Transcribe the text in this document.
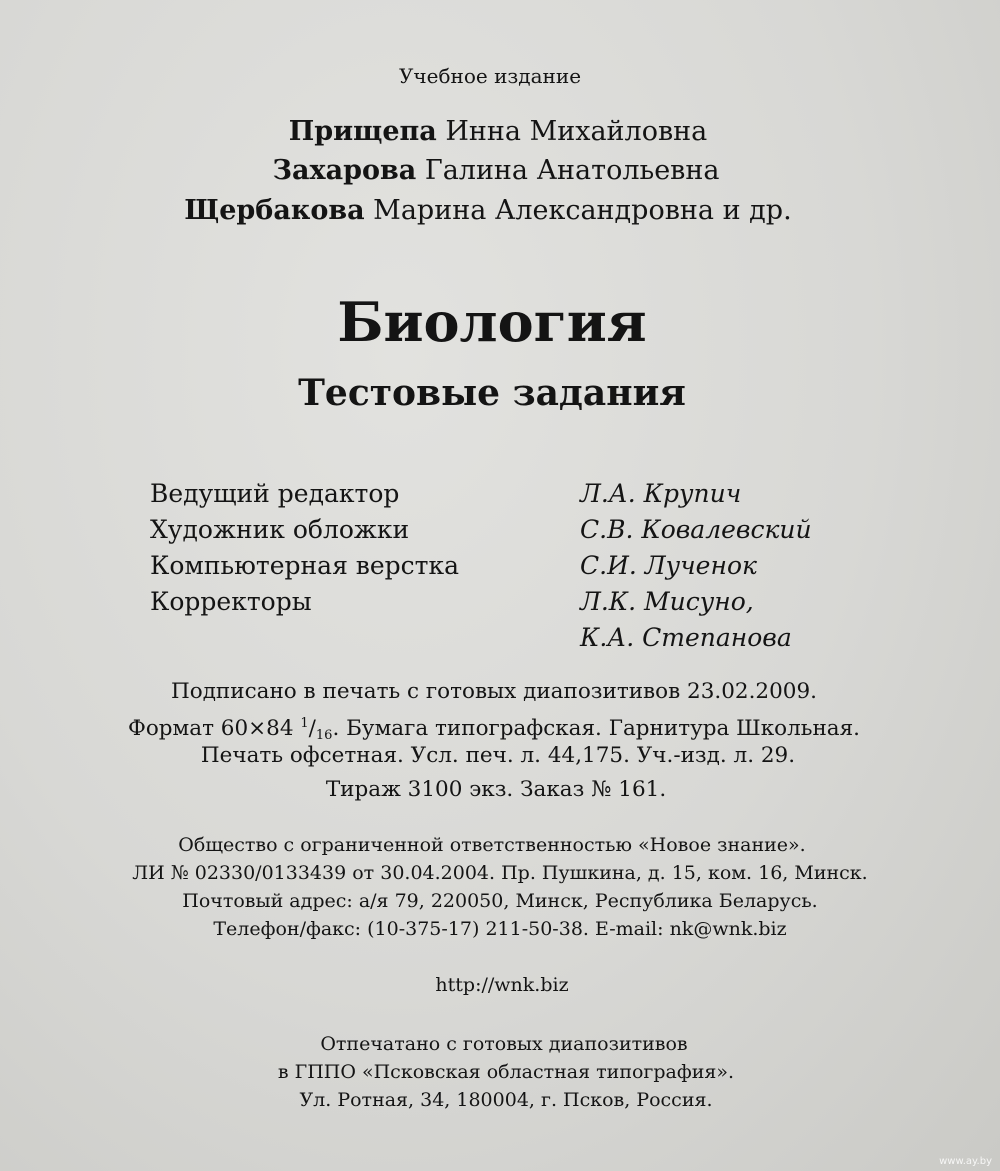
Учебное издание
Прищепа Инна Михайловна
Захарова Галина Анатольевна
Щербакова Марина Александровна и др.
Биология
Тестовые задания
Ведущий редактор	Л.А. Крупич
Художник обложки	С.В. Ковалевский
Компьютерная верстка	С.И. Лученок
Корректоры	Л.К. Мисуно,
К.А. Степанова
Подписано в печать с готовых диапозитивов 23.02.2009.
Формат 60×84 $^1/_{16}$. Бумага типографская. Гарнитура Школьная.
Печать офсетная. Усл. печ. л. 44,175. Уч.-изд. л. 29.
Тираж 3100 экз. Заказ № 161.
Общество с ограниченной ответственностью «Новое знание».
ЛИ № 02330/0133439 от 30.04.2004. Пр. Пушкина, д. 15, ком. 16, Минск.
Почтовый адрес: а/я 79, 220050, Минск, Республика Беларусь.
Телефон/факс: (10-375-17) 211-50-38. E-mail: nk@wnk.biz
http://wnk.biz
Отпечатано с готовых диапозитивов
в ГППО «Псковская областная типография».
Ул. Ротная, 34, 180004, г. Псков, Россия.
www.ay.by
